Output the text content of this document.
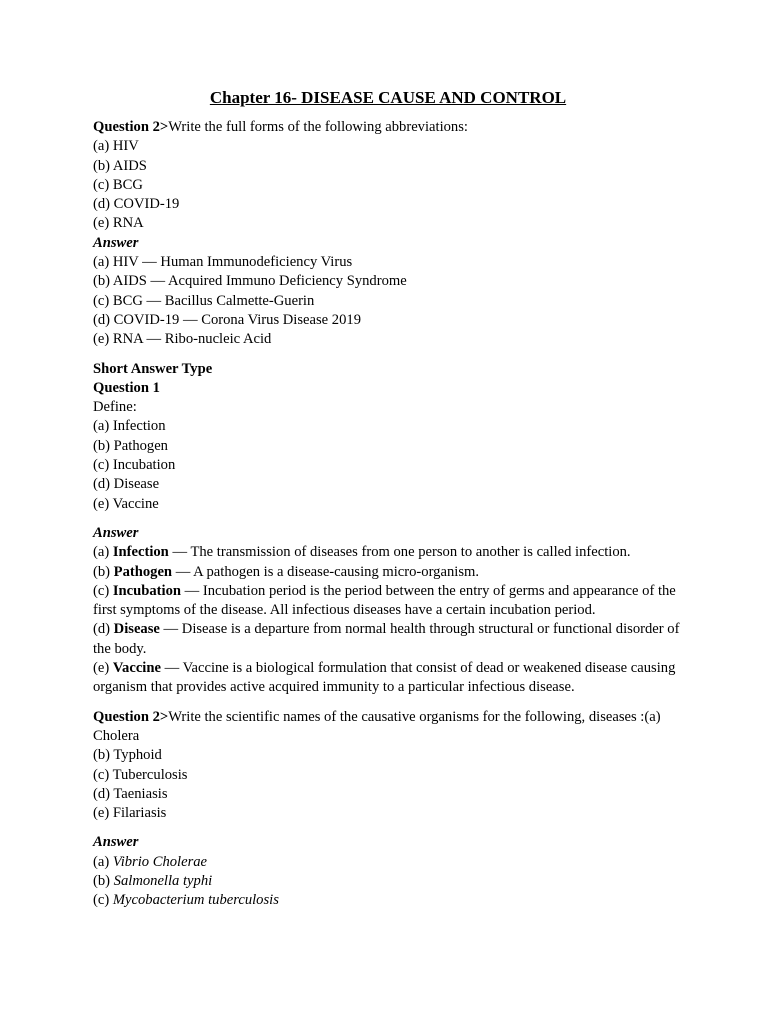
Chapter 16- DISEASE CAUSE AND CONTROL
Question 2>Write the full forms of the following abbreviations:
(a) HIV
(b) AIDS
(c) BCG
(d) COVID-19
(e) RNA
Answer
(a) HIV — Human Immunodeficiency Virus
(b) AIDS — Acquired Immuno Deficiency Syndrome
(c) BCG — Bacillus Calmette-Guerin
(d) COVID-19 — Corona Virus Disease 2019
(e) RNA — Ribo-nucleic Acid
Short Answer Type
Question 1
Define:
(a) Infection
(b) Pathogen
(c) Incubation
(d) Disease
(e) Vaccine
Answer
(a) Infection — The transmission of diseases from one person to another is called infection.
(b) Pathogen — A pathogen is a disease-causing micro-organism.
(c) Incubation — Incubation period is the period between the entry of germs and appearance of the first symptoms of the disease. All infectious diseases have a certain incubation period.
(d) Disease — Disease is a departure from normal health through structural or functional disorder of the body.
(e) Vaccine — Vaccine is a biological formulation that consist of dead or weakened disease causing organism that provides active acquired immunity to a particular infectious disease.
Question 2>Write the scientific names of the causative organisms for the following, diseases :(a) Cholera
(b) Typhoid
(c) Tuberculosis
(d) Taeniasis
(e) Filariasis
Answer
(a) Vibrio Cholerae
(b) Salmonella typhi
(c) Mycobacterium tuberculosis
